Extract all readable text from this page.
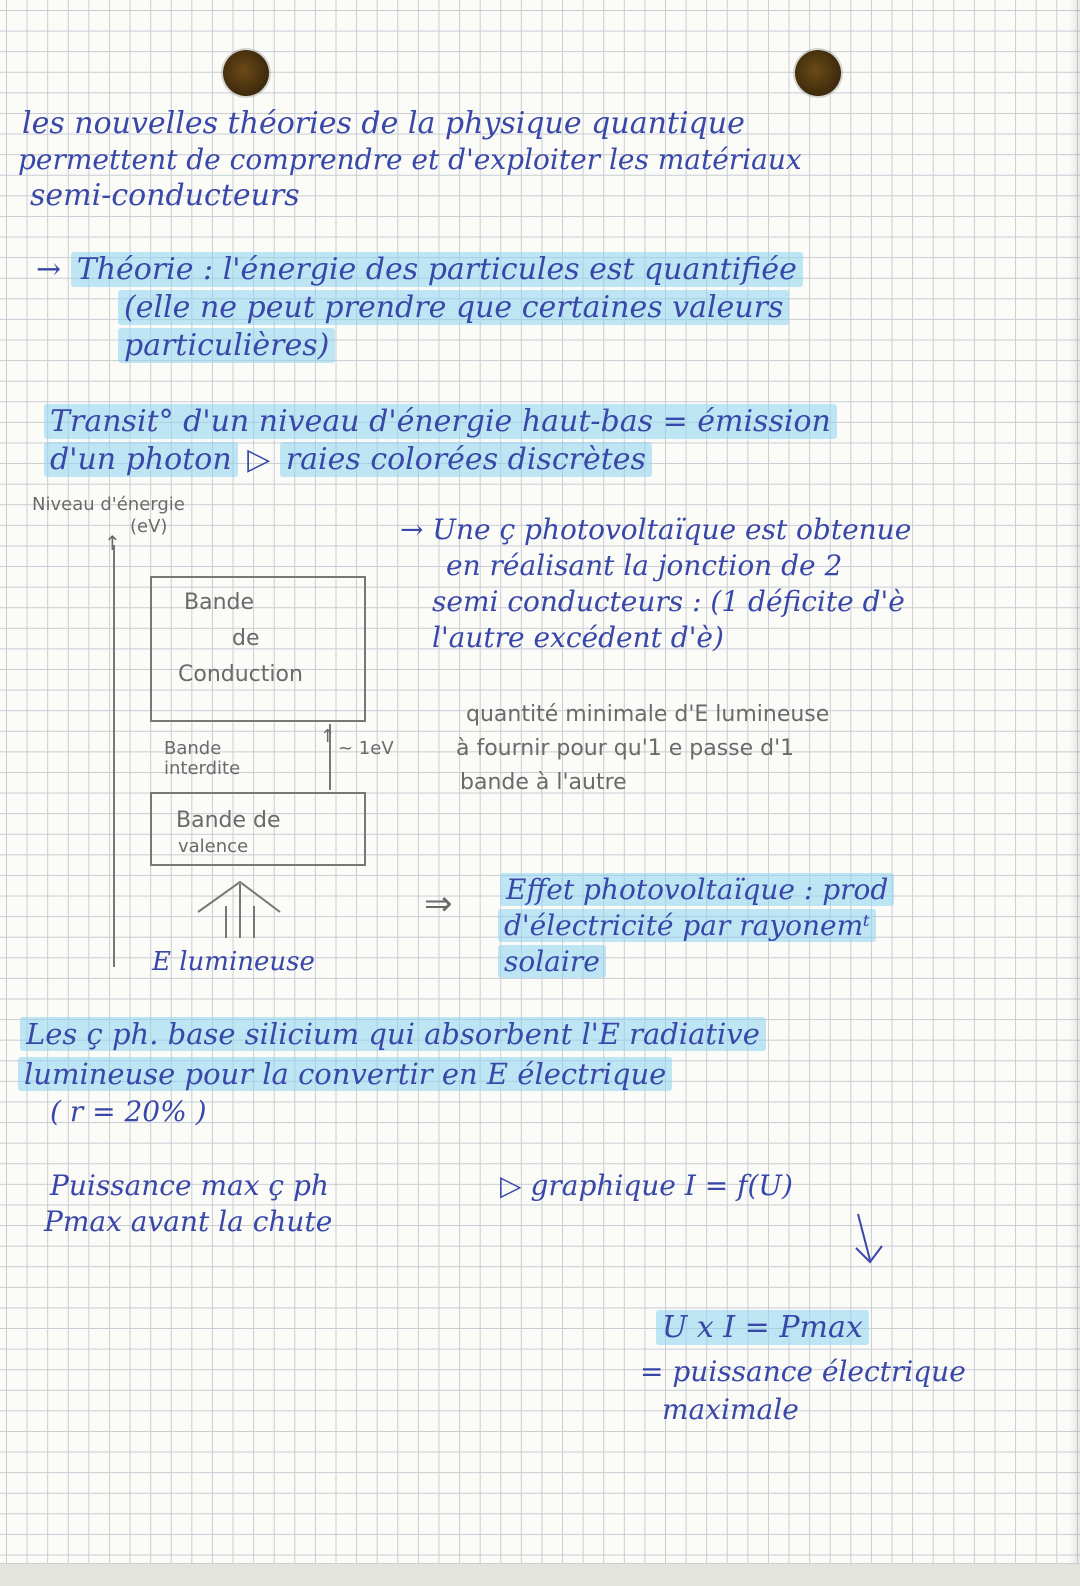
les nouvelles théories de la physique quantique
permettent de comprendre et d'exploiter les matériaux
semi-conducteurs
→ Théorie : l'énergie des particules est quantifiée
(elle ne peut prendre que certaines valeurs
particulières)
Transit° d'un niveau d'énergie haut-bas = émission
d'un photon ▷ raies colorées discrètes
Niveau d'énergie
(eV)
↑
Bande
de
Conduction
Bande
interdite
↑
~ 1eV
Bande de
valence
E lumineuse
→ Une ç photovoltaïque est obtenue
en réalisant la jonction de 2
semi conducteurs : (1 déficite d'è
l'autre excédent d'è)
quantité minimale d'E lumineuse
à fournir pour qu'1 e passe d'1
bande à l'autre
⇒ Effet photovoltaïque : prod
d'électricité par rayonemᵗ
solaire
Les ç ph. base silicium qui absorbent l'E radiative
lumineuse pour la convertir en E électrique
( r = 20% )
Puissance max ç ph	▷ graphique I = f(U)
Pmax avant la chute
U x I = Pmax
= puissance électrique
maximale
